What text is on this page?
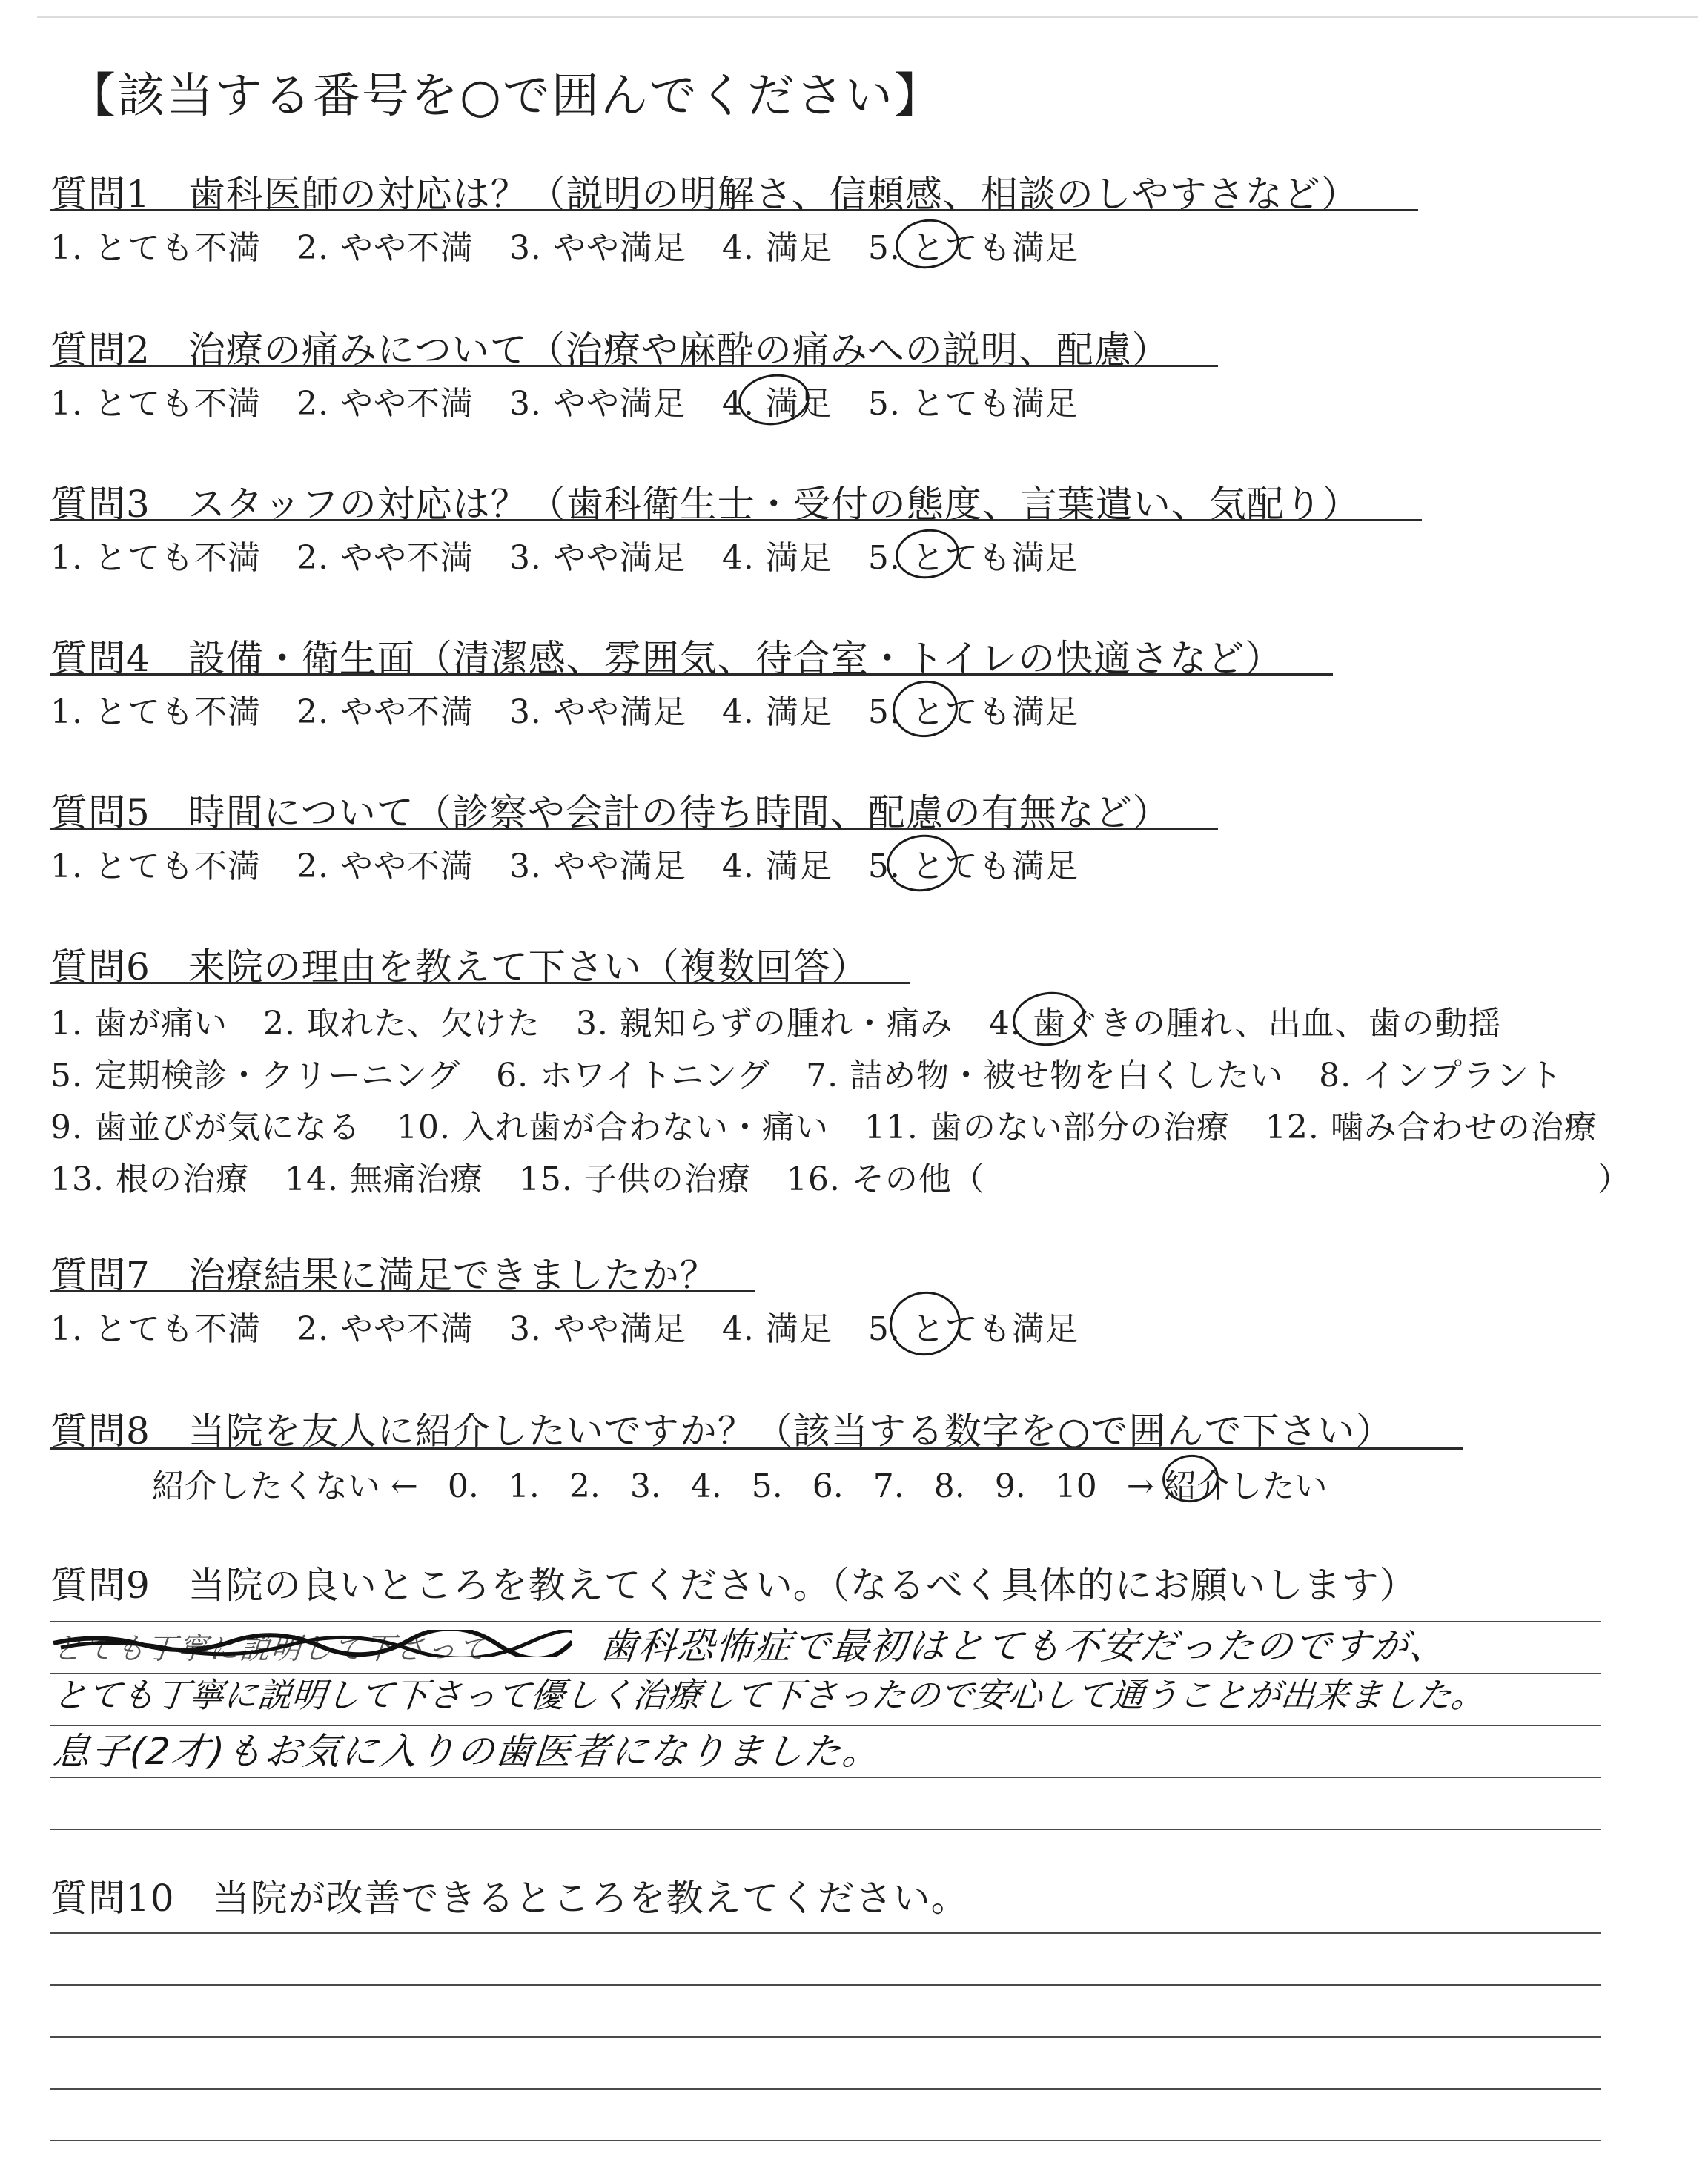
【該当する番号を○で囲んでください】
質問1　歯科医師の対応は？（説明の明解さ、信頼感、相談のしやすさなど）
1. とても不満 2. やや不満 3. やや満足 4. 満足 5. とても満足
質問2　治療の痛みについて（治療や麻酔の痛みへの説明、配慮）
1. とても不満 2. やや不満 3. やや満足 4. 満足 5. とても満足
質問3　スタッフの対応は？（歯科衛生士・受付の態度、言葉遣い、気配り）
1. とても不満 2. やや不満 3. やや満足 4. 満足 5. とても満足
質問4　設備・衛生面（清潔感、雰囲気、待合室・トイレの快適さなど）
1. とても不満 2. やや不満 3. やや満足 4. 満足 5. とても満足
質問5　時間について（診察や会計の待ち時間、配慮の有無など）
1. とても不満 2. やや不満 3. やや満足 4. 満足 5. とても満足
質問6　来院の理由を教えて下さい（複数回答）
1. 歯が痛い 2. 取れた、欠けた 3. 親知らずの腫れ・痛み 4. 歯ぐきの腫れ、出血、歯の動揺
5. 定期検診・クリーニング 6. ホワイトニング 7. 詰め物・被せ物を白くしたい 8. インプラント
9. 歯並びが気になる 10. 入れ歯が合わない・痛い 11. 歯のない部分の治療 12. 噛み合わせの治療
13. 根の治療 14. 無痛治療 15. 子供の治療 16. その他（	）
質問7　治療結果に満足できましたか？
1. とても不満 2. やや不満 3. やや満足 4. 満足 5. とても満足
質問8　当院を友人に紹介したいですか？（該当する数字を○で囲んで下さい）
紹介したくない ← 0. 1. 2. 3. 4. 5. 6. 7. 8. 9. 10 → 紹介したい
質問9　当院の良いところを教えてください。（なるべく具体的にお願いします）
とても丁寧に説明して下さって	歯科恐怖症で最初はとても不安だったのですが、
とても丁寧に説明して下さって優しく治療して下さったので安心して通うことが出来ました。
息子(2才)もお気に入りの歯医者になりました。
質問10　当院が改善できるところを教えてください。
